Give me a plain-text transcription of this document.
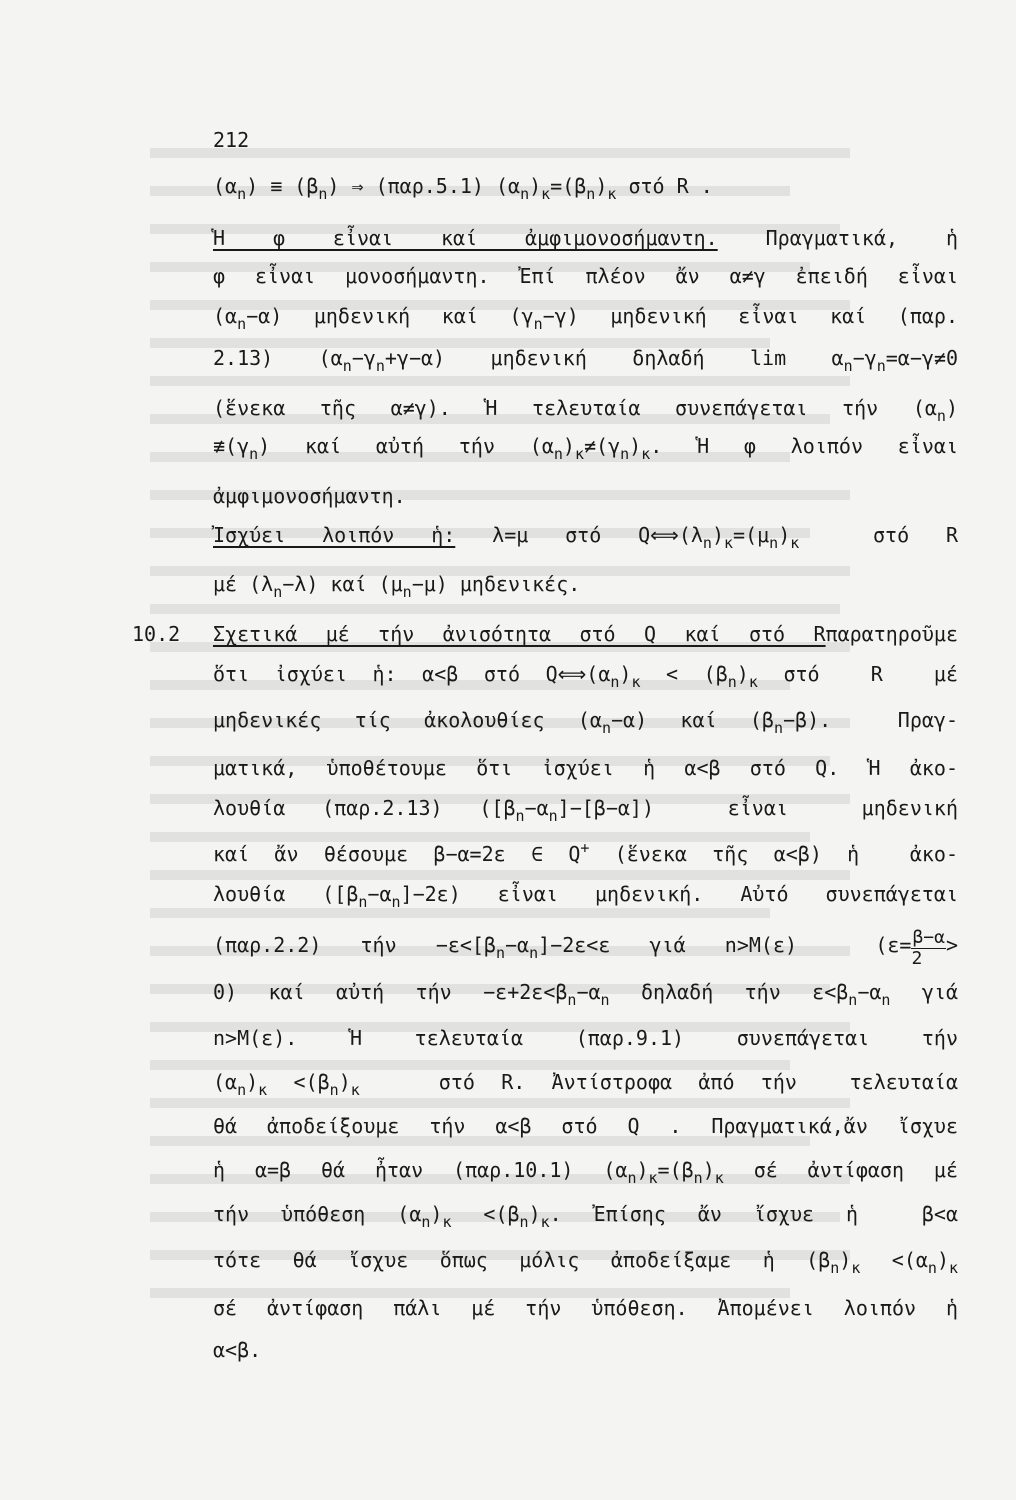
212
$(\alpha_n) \equiv (\beta_n)$ ⇒ (παρ.5.1) $(\alpha_n)_\kappa=(\beta_n)_\kappa$ στό R .
Ἡ φ εἶναι καί ἀμφιμονοσήμαντη. Πραγματικά, ἡ
φ εἶναι μονοσήμαντη. Ἐπί πλέον ἄν α≠γ ἐπειδή εἶναι
$(\alpha_n-\alpha)$ μηδενική καί $(\gamma_n-\gamma)$ μηδενική εἶναι καί (παρ.
2.13) $(\alpha_n-\gamma_n+\gamma-\alpha)$ μηδενική δηλαδή $\lim \alpha_n-\gamma_n=\alpha-\gamma\ne 0$
(ἕνεκα τῆς α≠γ). Ἡ τελευταία συνεπάγεται τήν $(\alpha_n)$
$≢(\gamma_n)$ καί αὐτή τήν $(\alpha_n)_\kappa\ne(\gamma_n)_\kappa$. Ἡ φ λοιπόν εἶναι
ἀμφιμονοσήμαντη.
Ἰσχύει λοιπόν ἡ: λ=μ στό $Q⟺(\lambda_n)_\kappa=(\mu_n)_\kappa$  στό R
μέ $(\lambda_n-\lambda)$ καί $(\mu_n-\mu)$ μηδενικές.
10.2 Σχετικά μέ τήν ἀνισότητα στό Q καί στό Rπαρατηροῦμε
ὅτι ἰσχύει ἡ: α<β στό $Q⟺(\alpha_n)_\kappa < (\beta_n)_\kappa$ στό  R  μέ
μηδενικές τίς ἀκολουθίες $(\alpha_n-\alpha)$ καί $(\beta_n-\beta)$.  Πραγ-
ματικά, ὑποθέτουμε ὅτι ἰσχύει ἡ α<β στό Q. Ἡ ἀκο-
λουθία (παρ.2.13) $([\beta_n-\alpha_n]-[\beta-\alpha])$  εἶναι  μηδενική
καί ἄν θέσουμε β−α=2ε ∈ Q+ (ἕνεκα τῆς α<β) ἡ  ἀκο-
λουθία $([\beta_n-\alpha_n]-2\varepsilon)$ εἶναι μηδενική. Αὐτό συνεπάγεται
(παρ.2.2) $\tau ή\nu -\varepsilon<[\beta_n-\alpha_n]-2\varepsilon<\varepsilon$ γιά n>M(ε)  ($\varepsilon= \frac{\beta-\alpha}{2}$ >
0) καί αὐτή $\tau ή\nu -\varepsilon+2\varepsilon<\beta_n-\alpha_n$ δηλαδή τήν $\varepsilon<\beta_n-\alpha_n$ γιά
n>M(ε). Ἡ τελευταία (παρ.9.1) συνεπάγεται τήν
$(\alpha_n)_\kappa <(\beta_n)_\kappa$   στό R. Ἀντίστροφα ἀπό τήν  τελευταία
θά ἀποδείξουμε τήν α<β στό Q . Πραγματικά,ἄν ἴσχυε
ἡ α=β θά ἦταν (παρ.10.1) $(\alpha_n)_\kappa=(\beta_n)_\kappa$ σέ ἀντίφαση μέ
τήν ὑπόθεση $(\alpha_n)_\kappa <(\beta_n)_\kappa$. Ἐπίσης ἄν ἴσχυε ἡ  β<α
τότε θά ἴσχυε ὅπως μόλις ἀποδείξαμε ἡ $(\beta_n)_\kappa <(\alpha_n)_\kappa$
σέ ἀντίφαση πάλι μέ τήν ὑπόθεση. Ἀπομένει λοιπόν ἡ
α<β.
